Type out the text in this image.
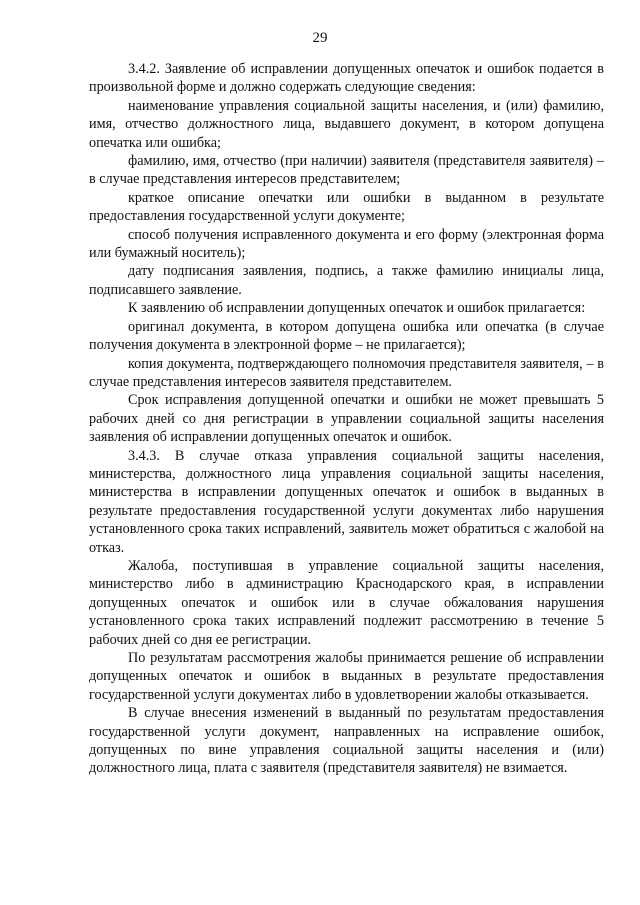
29

3.4.2. Заявление об исправлении допущенных опечаток и ошибок подается в произвольной форме и должно содержать следующие сведения:

наименование управления социальной защиты населения, и (или) фамилию, имя, отчество должностного лица, выдавшего документ, в котором допущена опечатка или ошибка;

фамилию, имя, отчество (при наличии) заявителя (представителя заявителя) – в случае представления интересов представителем;

краткое описание опечатки или ошибки в выданном в результате предоставления государственной услуги документе;

способ получения исправленного документа и его форму (электронная форма или бумажный носитель);

дату подписания заявления, подпись, а также фамилию инициалы лица, подписавшего заявление.

К заявлению об исправлении допущенных опечаток и ошибок прилагается:

оригинал документа, в котором допущена ошибка или опечатка (в случае получения документа в электронной форме – не прилагается);

копия документа, подтверждающего полномочия представителя заявителя, – в случае представления интересов заявителя представителем.

Срок исправления допущенной опечатки и ошибки не может превышать 5 рабочих дней со дня регистрации в управлении социальной защиты населения заявления об исправлении допущенных опечаток и ошибок.

3.4.3. В случае отказа управления социальной защиты населения, министерства, должностного лица управления социальной защиты населения, министерства в исправлении допущенных опечаток и ошибок в выданных в результате предоставления государственной услуги документах либо нарушения установленного срока таких исправлений, заявитель может обратиться с жалобой на отказ.

Жалоба, поступившая в управление социальной защиты населения, министерство либо в администрацию Краснодарского края, в исправлении допущенных опечаток и ошибок или в случае обжалования нарушения установленного срока таких исправлений подлежит рассмотрению в течение 5 рабочих дней со дня ее регистрации.

По результатам рассмотрения жалобы принимается решение об исправлении допущенных опечаток и ошибок в выданных в результате предоставления государственной услуги документах либо в удовлетворении жалобы отказывается.

В случае внесения изменений в выданный по результатам предоставления государственной услуги документ, направленных на исправление ошибок, допущенных по вине управления социальной защиты населения и (или) должностного лица, плата с заявителя (представителя заявителя) не взимается.
